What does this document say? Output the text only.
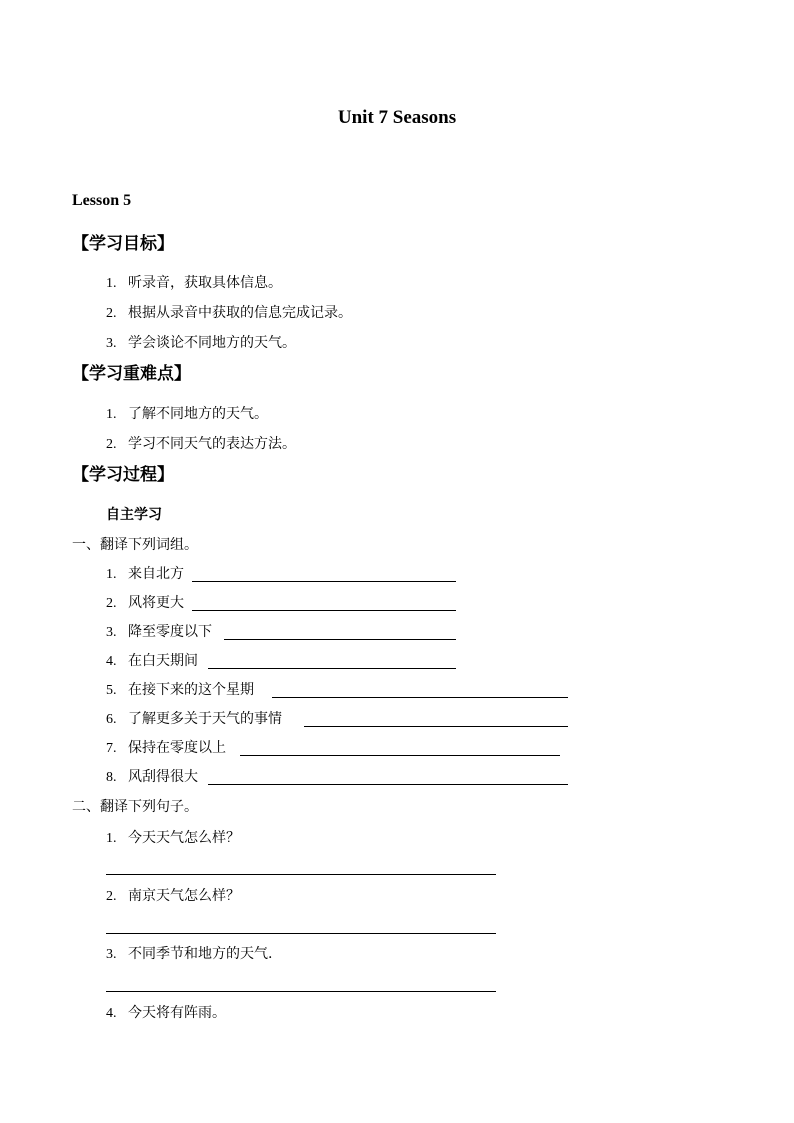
Unit 7 Seasons
Lesson 5
【学习目标】
1. 听录音，获取具体信息。
2. 根据从录音中获取的信息完成记录。
3. 学会谈论不同地方的天气。
【学习重难点】
1. 了解不同地方的天气。
2. 学习不同天气的表达方法。
【学习过程】
自主学习
一、翻译下列词组。
1. 来自北方
2. 风将更大
3. 降至零度以下
4. 在白天期间
5. 在接下来的这个星期
6. 了解更多关于天气的事情
7. 保持在零度以上
8. 风刮得很大
二、翻译下列句子。
1. 今天天气怎么样？
2. 南京天气怎么样？
3. 不同季节和地方的天气.
4. 今天将有阵雨。
